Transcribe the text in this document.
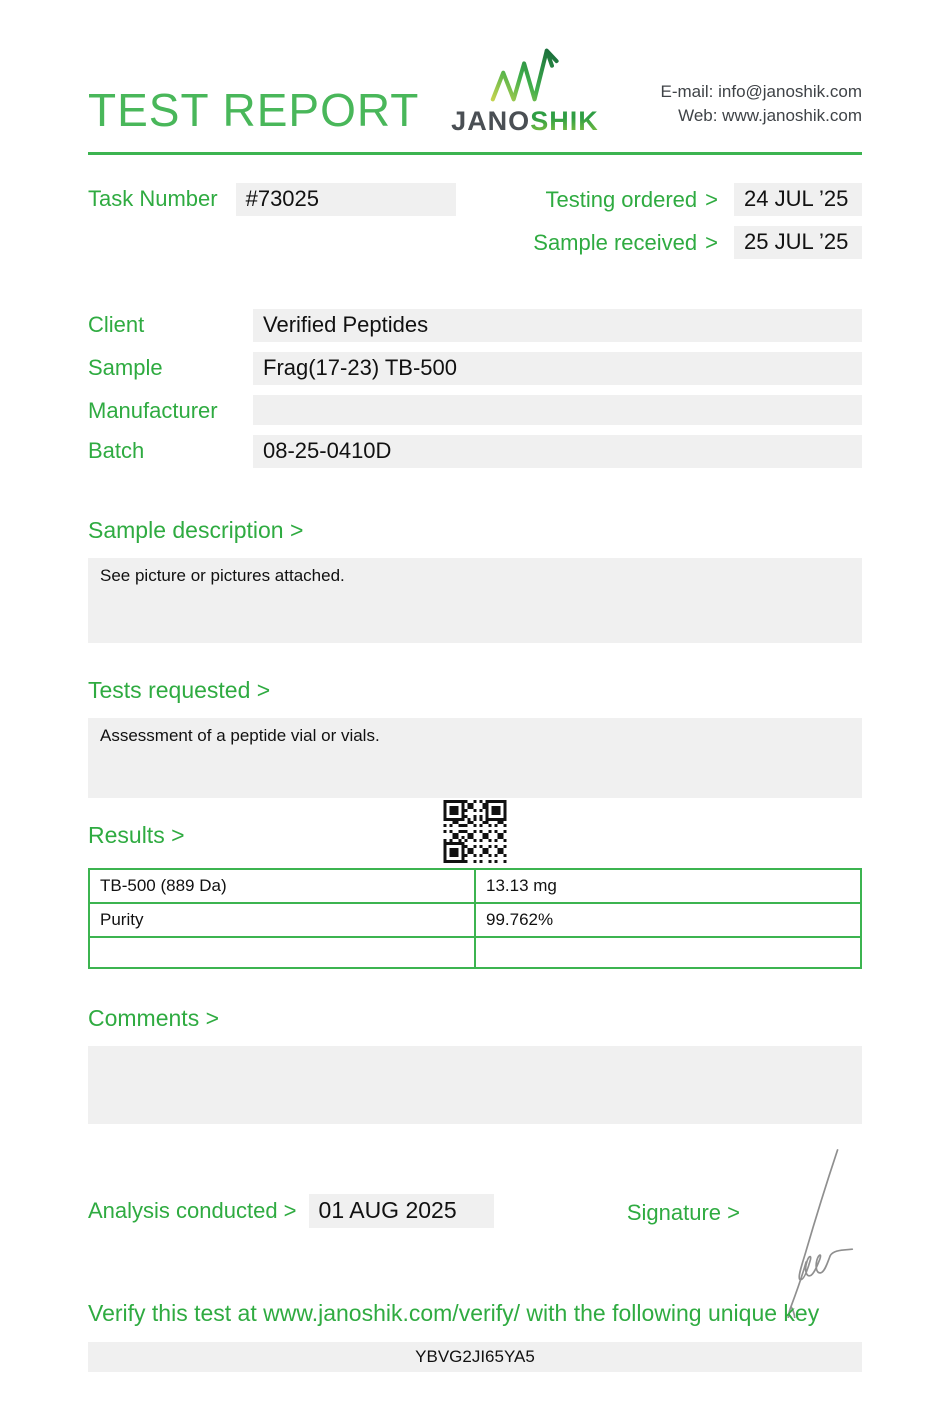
TEST REPORT JANOSHIK
E-mail: info@janoshik.com
Web: www.janoshik.com
Task Number	#73025	Testing ordered >	24 JUL ’25
Sample received >	25 JUL ’25
Client	Verified Peptides
Sample	Frag(17-23) TB-500
Manufacturer
Batch	08-25-0410D
Sample description >
See picture or pictures attached.
Tests requested >
Assessment of a peptide vial or vials.
Results >
TB-500 (889 Da)	13.13 mg
Purity	99.762%

Comments >
Analysis conducted > 01 AUG 2025	Signature >
Verify this test at www.janoshik.com/verify/ with the following unique key
YBVG2JI65YA5
